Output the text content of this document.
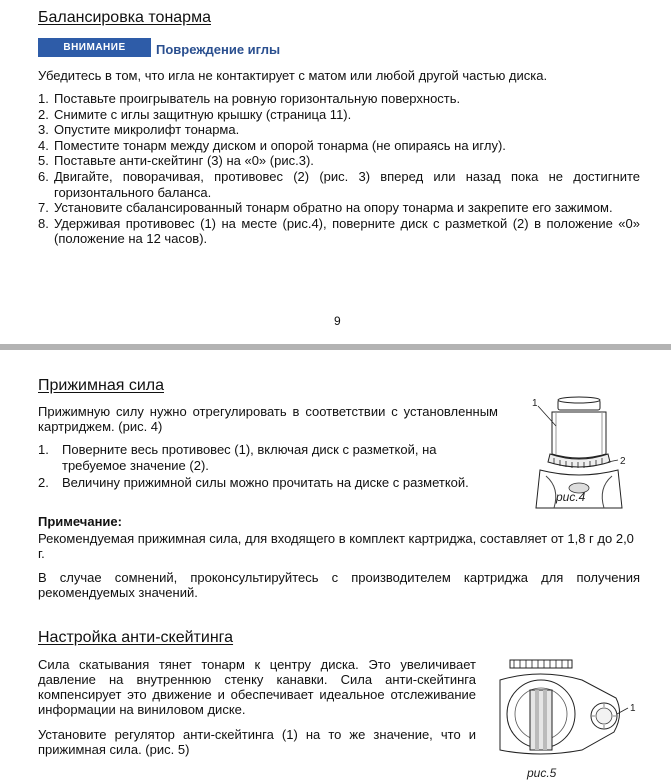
Балансировка тонарма
ВНИМАНИЕ	Повреждение иглы
Убедитесь в том, что игла не контактирует с матом или любой другой частью диска.
1. Поставьте проигрыватель на ровную горизонтальную поверхность.
2. Снимите с иглы защитную крышку (страница 11).
3. Опустите микролифт тонарма.
4. Поместите тонарм между диском и опорой тонарма (не опираясь на иглу).
5. Поставьте анти-скейтинг (3) на «0» (рис.3).
6. Двигайте, поворачивая, противовес (2) (рис. 3) вперед или назад пока не достигните горизонтального баланса.
7. Установите сбалансированный тонарм обратно на опору тонарма и закрепите его зажимом.
8. Удерживая противовес (1) на месте (рис.4), поверните диск с разметкой (2) в положение «0» (положение на 12 часов).
9
Прижимная сила
Прижимную силу нужно отрегулировать в соответствии с установленным картриджем. (рис. 4)
1. Поверните весь противовес (1), включая диск с разметкой, на требуемое значение (2).
2. Величину прижимной силы можно прочитать на диске с разметкой.
1
2
рис.4
Примечание:
Рекомендуемая прижимная сила, для входящего в комплект картриджа, составляет от 1,8 г до 2,0 г.
В случае сомнений, проконсультируйтесь с производителем картриджа для получения рекомендуемых значений.
Настройка анти-скейтинга
Сила скатывания тянет тонарм к центру диска. Это увеличивает давление на внутреннюю стенку канавки. Сила анти-скейтинга компенсирует это движение и обеспечивает идеальное отслеживание информации на виниловом диске.
Установите регулятор анти-скейтинга (1) на то же значение, что и прижимная сила. (рис. 5)
1
рис.5
